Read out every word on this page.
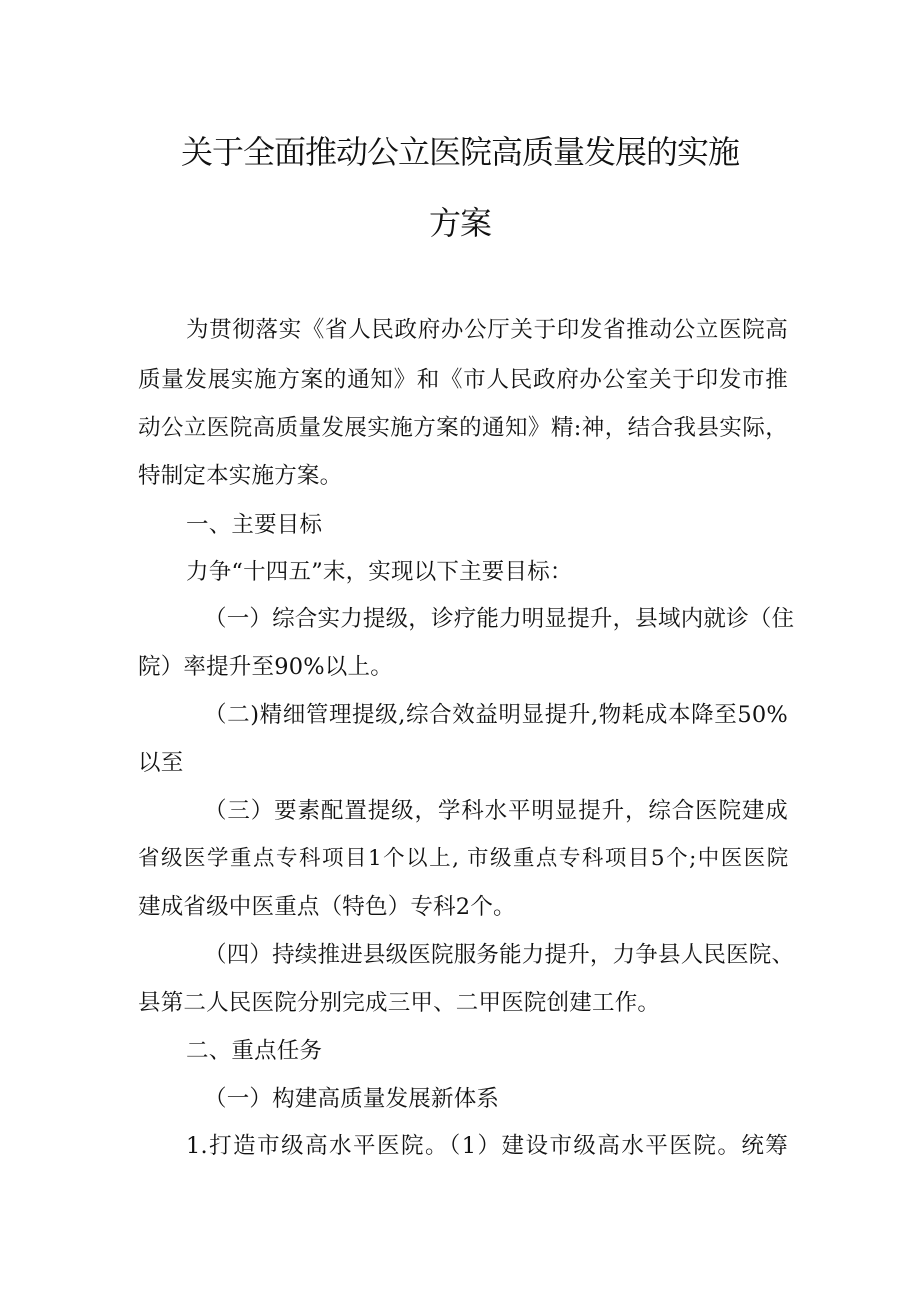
关于全面推动公立医院高质量发展的实施
方案
为贯彻落实《省人民政府办公厅关于印发省推动公立医院高
质量发展实施方案的通知》和《市人民政府办公室关于印发市推
动公立医院高质量发展实施方案的通知》精:神，结合我县实际，
特制定本实施方案。
一、主要目标
力争“十四五”末，实现以下主要目标：
（一）综合实力提级，诊疗能力明显提升，县域内就诊（住
院）率提升至90%以上。
（二)精细管理提级,综合效益明显提升,物耗成本降至50%
以至
（三）要素配置提级，学科水平明显提升，综合医院建成
省级医学重点专科项目1个以上, 市级重点专科项目5个;中医医院
建成省级中医重点（特色）专科2个。
（四）持续推进县级医院服务能力提升，力争县人民医院、
县第二人民医院分别完成三甲、二甲医院创建工作。
二、重点任务
（一）构建高质量发展新体系
1.打造市级高水平医院。（1）建设市级高水平医院。统筹
